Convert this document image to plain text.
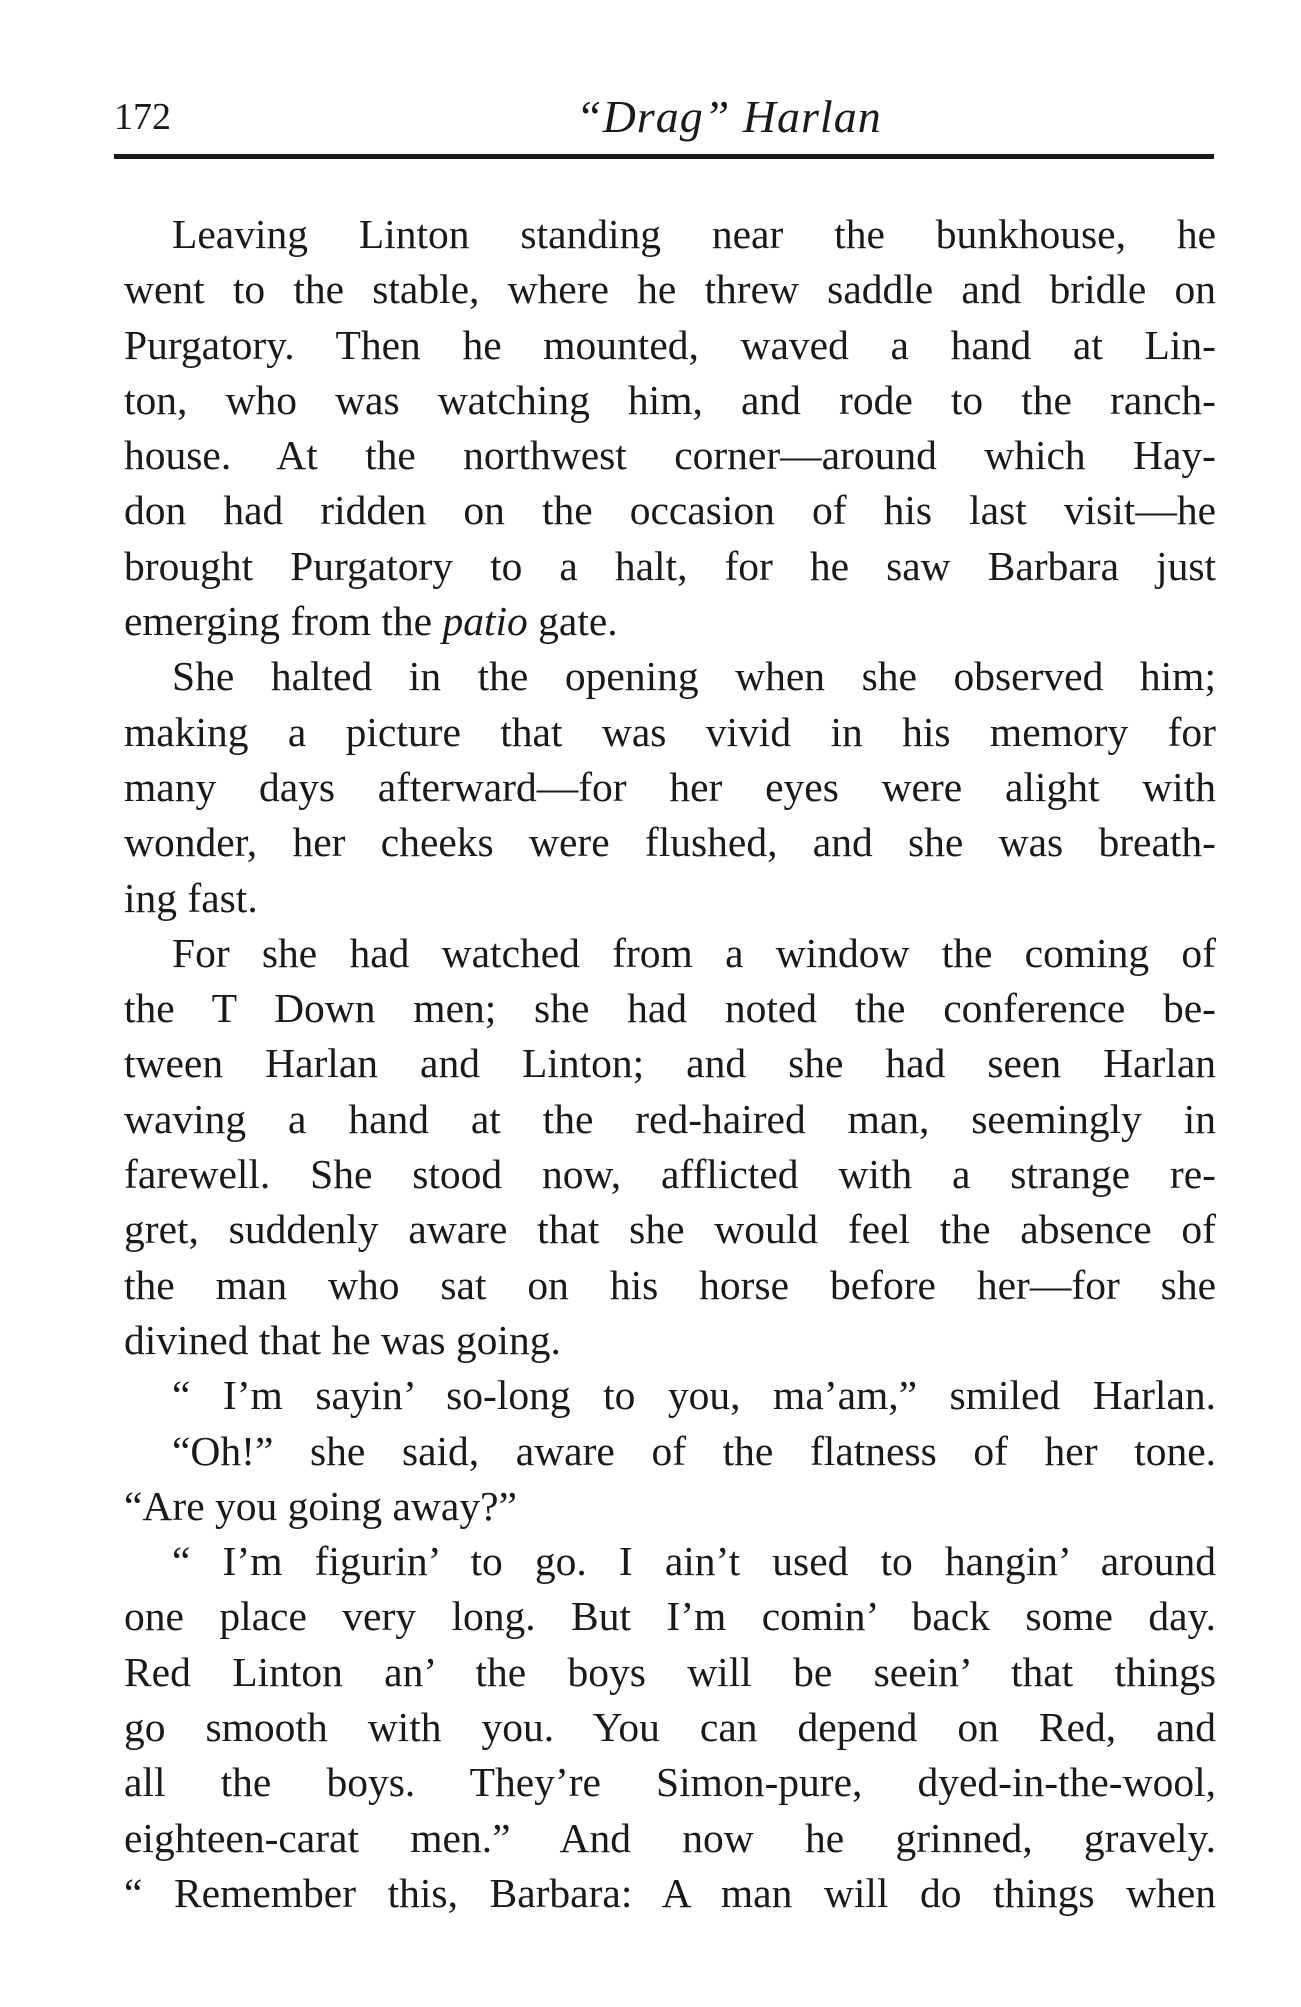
172	“Drag” Harlan
Leaving Linton standing near the bunkhouse, he
went to the stable, where he threw saddle and bridle on
Purgatory. Then he mounted, waved a hand at Lin-
ton, who was watching him, and rode to the ranch-
house. At the northwest corner—around which Hay-
don had ridden on the occasion of his last visit—he
brought Purgatory to a halt, for he saw Barbara just
emerging from the patio gate.
She halted in the opening when she observed him;
making a picture that was vivid in his memory for
many days afterward—for her eyes were alight with
wonder, her cheeks were flushed, and she was breath-
ing fast.
For she had watched from a window the coming of
the T Down men; she had noted the conference be-
tween Harlan and Linton; and she had seen Harlan
waving a hand at the red-haired man, seemingly in
farewell. She stood now, afflicted with a strange re-
gret, suddenly aware that she would feel the absence of
the man who sat on his horse before her—for she
divined that he was going.
“ I’m sayin’ so-long to you, ma’am,” smiled Harlan.
“Oh!” she said, aware of the flatness of her tone.
“Are you going away?”
“ I’m figurin’ to go. I ain’t used to hangin’ around
one place very long. But I’m comin’ back some day.
Red Linton an’ the boys will be seein’ that things
go smooth with you. You can depend on Red, and
all the boys. They’re Simon-pure, dyed-in-the-wool,
eighteen-carat men.” And now he grinned, gravely.
“ Remember this, Barbara: A man will do things when
